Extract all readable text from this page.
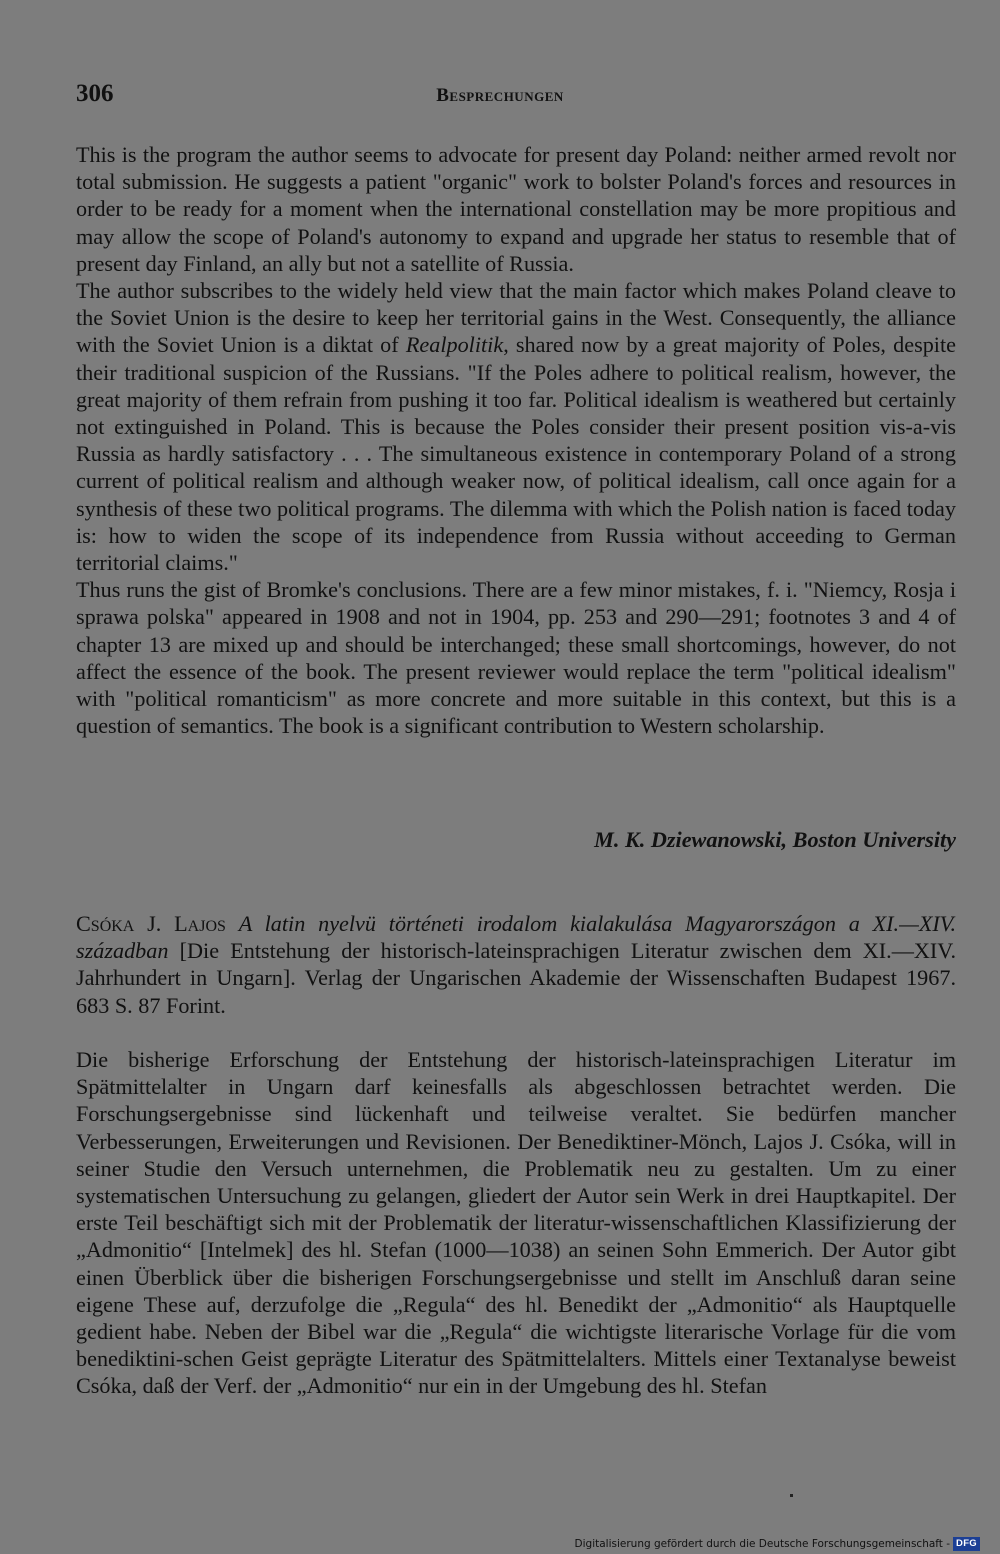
306	Besprechungen

This is the program the author seems to advocate for present day Poland: neither armed revolt nor total submission. He suggests a patient "organic" work to bolster Poland's forces and resources in order to be ready for a moment when the international constellation may be more propitious and may allow the scope of Poland's autonomy to expand and upgrade her status to resemble that of present day Finland, an ally but not a satellite of Russia.

The author subscribes to the widely held view that the main factor which makes Poland cleave to the Soviet Union is the desire to keep her territorial gains in the West. Consequently, the alliance with the Soviet Union is a diktat of Realpolitik, shared now by a great majority of Poles, despite their traditional suspicion of the Russians. "If the Poles adhere to political realism, however, the great majority of them refrain from pushing it too far. Political idealism is weathered but certainly not extinguished in Poland. This is because the Poles consider their present position vis-a-vis Russia as hardly satisfactory . . . The simultaneous existence in contemporary Poland of a strong current of political realism and although weaker now, of political idealism, call once again for a synthesis of these two political programs. The dilemma with which the Polish nation is faced today is: how to widen the scope of its independence from Russia without acceeding to German territorial claims."

Thus runs the gist of Bromke's conclusions. There are a few minor mistakes, f. i. "Niemcy, Rosja i sprawa polska" appeared in 1908 and not in 1904, pp. 253 and 290—291; footnotes 3 and 4 of chapter 13 are mixed up and should be interchanged; these small shortcomings, however, do not affect the essence of the book. The present reviewer would replace the term "political idealism" with "political romanticism" as more concrete and more suitable in this context, but this is a question of semantics. The book is a significant contribution to Western scholarship.

M. K. Dziewanowski, Boston University

Csóka J. Lajos A latin nyelvü történeti irodalom kialakulása Magyarországon a XI.—XIV. században [Die Entstehung der historisch-lateinsprachigen Literatur zwischen dem XI.—XIV. Jahrhundert in Ungarn]. Verlag der Ungarischen Akademie der Wissenschaften Budapest 1967. 683 S. 87 Forint.

Die bisherige Erforschung der Entstehung der historisch-lateinsprachigen Literatur im Spätmittelalter in Ungarn darf keinesfalls als abgeschlossen betrachtet werden. Die Forschungsergebnisse sind lückenhaft und teilweise veraltet. Sie bedürfen mancher Verbesserungen, Erweiterungen und Revisionen. Der Benediktiner-Mönch, Lajos J. Csóka, will in seiner Studie den Versuch unternehmen, die Problematik neu zu gestalten. Um zu einer systematischen Untersuchung zu gelangen, gliedert der Autor sein Werk in drei Hauptkapitel. Der erste Teil beschäftigt sich mit der Problematik der literatur-wissenschaftlichen Klassifizierung der „Admonitio“ [Intelmek] des hl. Stefan (1000—1038) an seinen Sohn Emmerich. Der Autor gibt einen Überblick über die bisherigen Forschungsergebnisse und stellt im Anschluß daran seine eigene These auf, derzufolge die „Regula“ des hl. Benedikt der „Admonitio“ als Hauptquelle gedient habe. Neben der Bibel war die „Regula“ die wichtigste literarische Vorlage für die vom benediktini-schen Geist geprägte Literatur des Spätmittelalters. Mittels einer Textanalyse beweist Csóka, daß der Verf. der „Admonitio“ nur ein in der Umgebung des hl. Stefan

Digitalisierung gefördert durch die Deutsche Forschungsgemeinschaft - DFG
